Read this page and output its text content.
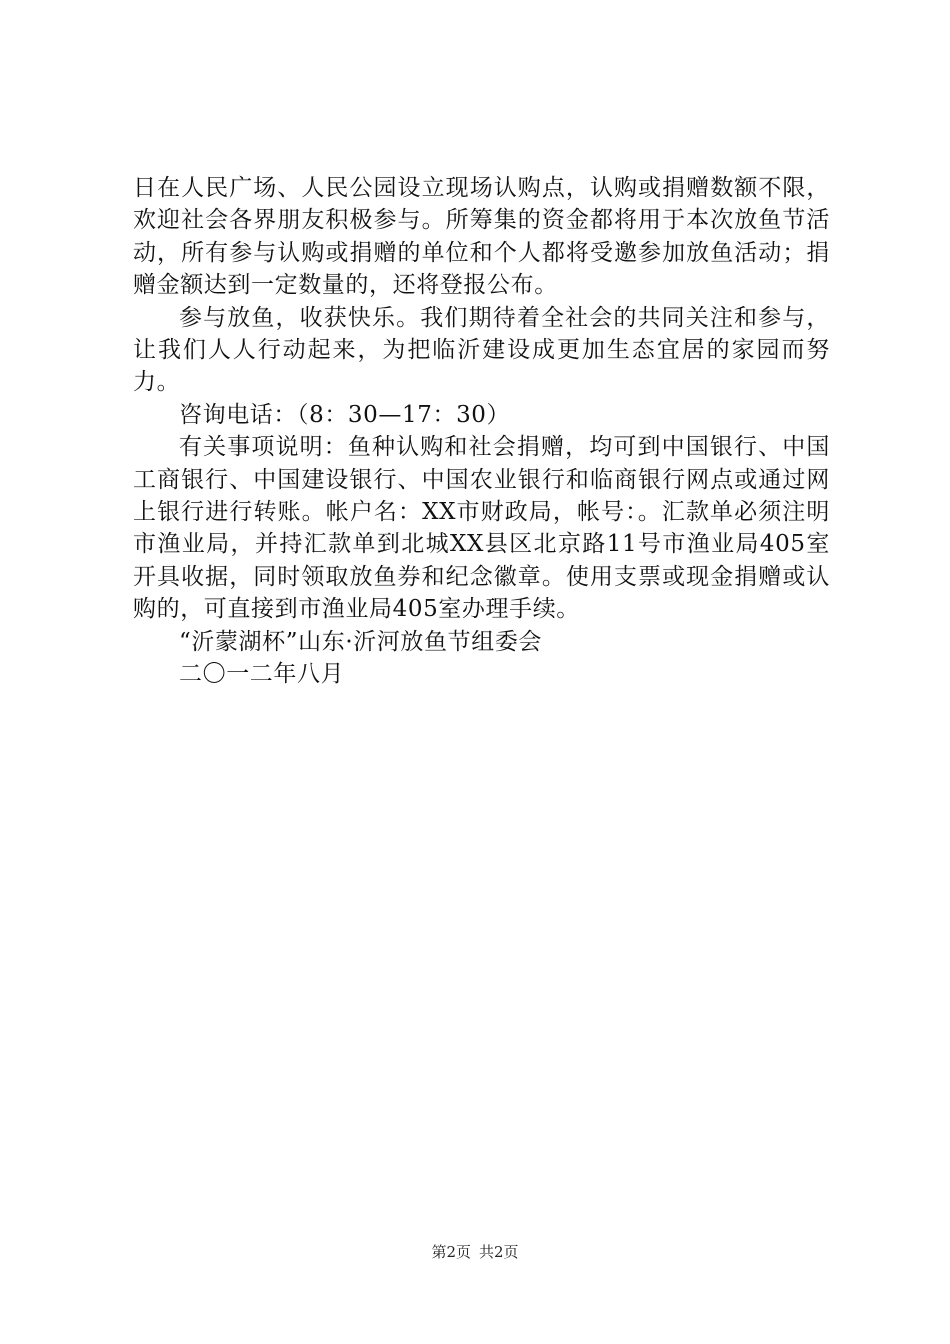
日在人民广场、人民公园设立现场认购点，认购或捐赠数额不限，欢迎社会各界朋友积极参与。所筹集的资金都将用于本次放鱼节活动，所有参与认购或捐赠的单位和个人都将受邀参加放鱼活动；捐赠金额达到一定数量的，还将登报公布。

参与放鱼，收获快乐。我们期待着全社会的共同关注和参与，让我们人人行动起来，为把临沂建设成更加生态宜居的家园而努力。

咨询电话：（8：30—17：30）

有关事项说明：鱼种认购和社会捐赠，均可到中国银行、中国工商银行、中国建设银行、中国农业银行和临商银行网点或通过网上银行进行转账。帐户名：XX市财政局，帐号：。汇款单必须注明市渔业局，并持汇款单到北城XX县区北京路11号市渔业局405室开具收据，同时领取放鱼券和纪念徽章。使用支票或现金捐赠或认购的，可直接到市渔业局405室办理手续。

“沂蒙湖杯”山东·沂河放鱼节组委会

二〇一二年八月

第2页 共2页
